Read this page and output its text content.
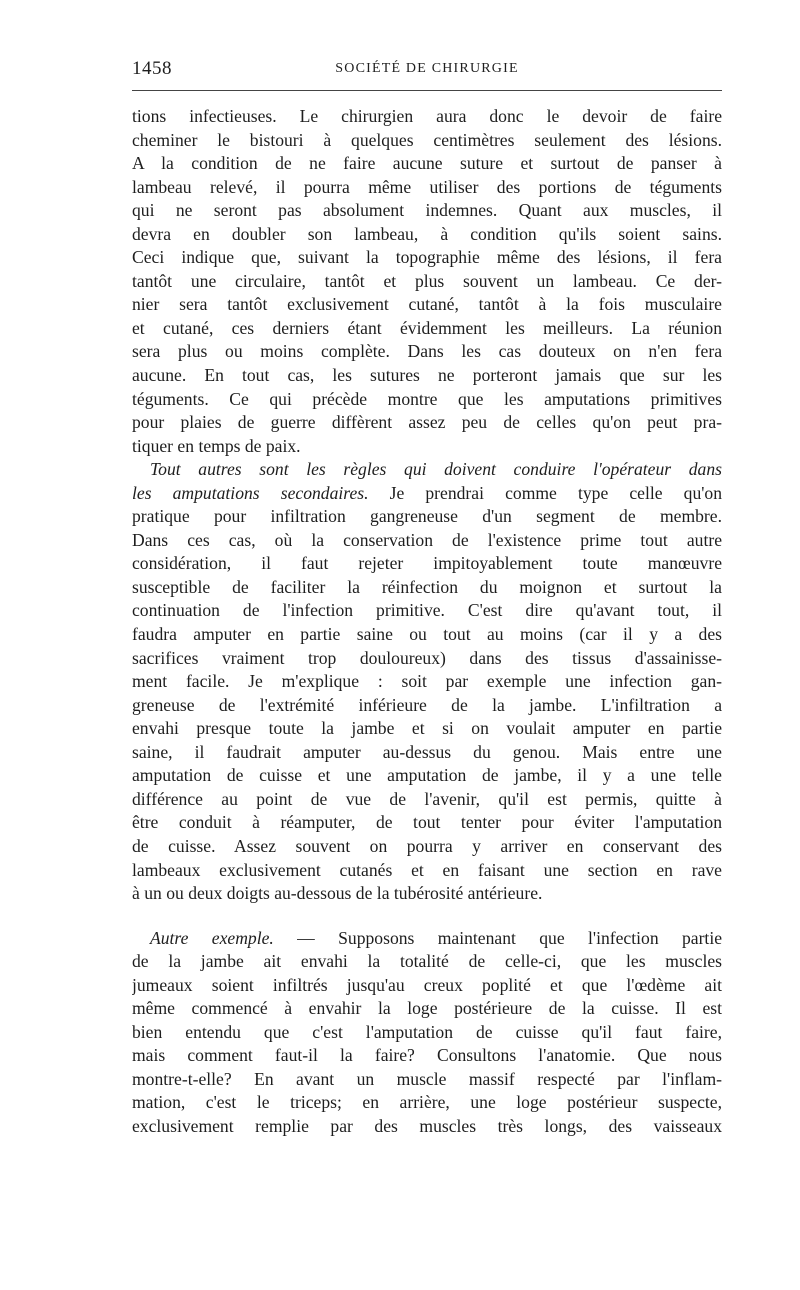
1458	SOCIÉTÉ DE CHIRURGIE
tions infectieuses. Le chirurgien aura donc le devoir de faire
cheminer le bistouri à quelques centimètres seulement des lésions.
A la condition de ne faire aucune suture et surtout de panser à
lambeau relevé, il pourra même utiliser des portions de téguments
qui ne seront pas absolument indemnes. Quant aux muscles, il
devra en doubler son lambeau, à condition qu'ils soient sains.
Ceci indique que, suivant la topographie même des lésions, il fera
tantôt une circulaire, tantôt et plus souvent un lambeau. Ce der-
nier sera tantôt exclusivement cutané, tantôt à la fois musculaire
et cutané, ces derniers étant évidemment les meilleurs. La réunion
sera plus ou moins complète. Dans les cas douteux on n'en fera
aucune. En tout cas, les sutures ne porteront jamais que sur les
téguments. Ce qui précède montre que les amputations primitives
pour plaies de guerre diffèrent assez peu de celles qu'on peut pra-
tiquer en temps de paix.
Tout autres sont les règles qui doivent conduire l'opérateur dans
les amputations secondaires. Je prendrai comme type celle qu'on
pratique pour infiltration gangreneuse d'un segment de membre.
Dans ces cas, où la conservation de l'existence prime tout autre
considération, il faut rejeter impitoyablement toute manœuvre
susceptible de faciliter la réinfection du moignon et surtout la
continuation de l'infection primitive. C'est dire qu'avant tout, il
faudra amputer en partie saine ou tout au moins (car il y a des
sacrifices vraiment trop douloureux) dans des tissus d'assainisse-
ment facile. Je m'explique : soit par exemple une infection gan-
greneuse de l'extrémité inférieure de la jambe. L'infiltration a
envahi presque toute la jambe et si on voulait amputer en partie
saine, il faudrait amputer au-dessus du genou. Mais entre une
amputation de cuisse et une amputation de jambe, il y a une telle
différence au point de vue de l'avenir, qu'il est permis, quitte à
être conduit à réamputer, de tout tenter pour éviter l'amputation
de cuisse. Assez souvent on pourra y arriver en conservant des
lambeaux exclusivement cutanés et en faisant une section en rave
à un ou deux doigts au-dessous de la tubérosité antérieure.
Autre exemple. — Supposons maintenant que l'infection partie
de la jambe ait envahi la totalité de celle-ci, que les muscles
jumeaux soient infiltrés jusqu'au creux poplité et que l'œdème ait
même commencé à envahir la loge postérieure de la cuisse. Il est
bien entendu que c'est l'amputation de cuisse qu'il faut faire,
mais comment faut-il la faire? Consultons l'anatomie. Que nous
montre-t-elle? En avant un muscle massif respecté par l'inflam-
mation, c'est le triceps; en arrière, une loge postérieur suspecte,
exclusivement remplie par des muscles très longs, des vaisseaux
